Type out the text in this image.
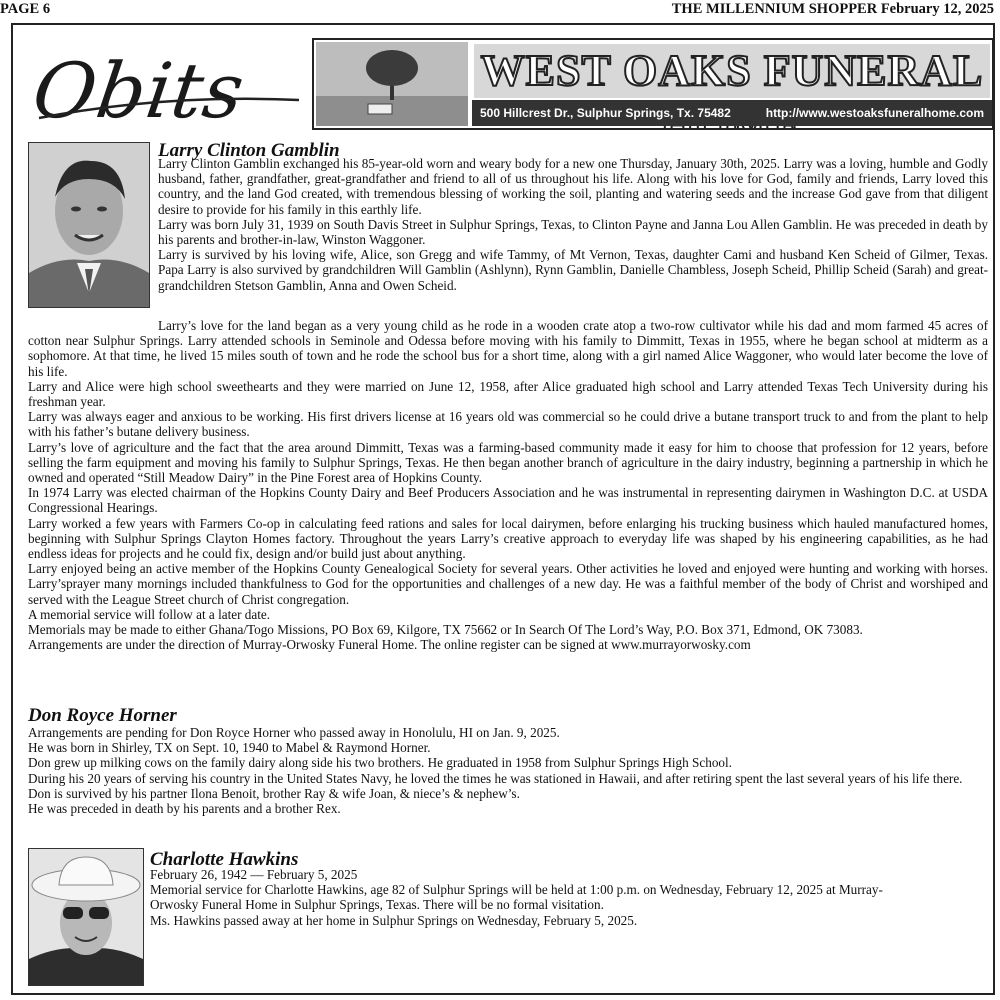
PAGE 6	THE MILLENNIUM SHOPPER February 12, 2025
Obits	WEST OAKS FUNERAL
500 Hillcrest Dr., Sulphur Springs, Tx. 75482	http://www.westoaksfuneralhome.com
Larry Clinton Gamblin

Larry Clinton Gamblin exchanged his 85-year-old worn and weary body for a new one Thursday, January 30th, 2025. Larry was a loving, humble and Godly husband, father, grandfather, great-grandfather and friend to all of us throughout his life. Along with his love for God, family and friends, Larry loved this country, and the land God created, with tremendous blessing of working the soil, planting and watering seeds and the increase God gave from that diligent desire to provide for his family in this earthly life.

Larry was born July 31, 1939 on South Davis Street in Sulphur Springs, Texas, to Clinton Payne and Janna Lou Allen Gamblin. He was preceded in death by his parents and brother-in-law, Winston Waggoner.

Larry is survived by his loving wife, Alice, son Gregg and wife Tammy, of Mt Vernon, Texas, daughter Cami and husband Ken Scheid of Gilmer, Texas. Papa Larry is also survived by grandchildren Will Gamblin (Ashlynn), Rynn Gamblin, Danielle Chambless, Joseph Scheid, Phillip Scheid (Sarah) and great-grandchildren Stetson Gamblin, Anna and Owen Scheid.

Larry’s love for the land began as a very young child as he rode in a wooden crate atop a two-row cultivator while his dad and mom farmed 45 acres of cotton near Sulphur Springs. Larry attended schools in Seminole and Odessa before moving with his family to Dimmitt, Texas in 1955, where he began school at midterm as a sophomore. At that time, he lived 15 miles south of town and he rode the school bus for a short time, along with a girl named Alice Waggoner, who would later become the love of his life.

Larry and Alice were high school sweethearts and they were married on June 12, 1958, after Alice graduated high school and Larry attended Texas Tech University during his freshman year.

Larry was always eager and anxious to be working. His first drivers license at 16 years old was commercial so he could drive a butane transport truck to and from the plant to help with his father’s butane delivery business.

Larry’s love of agriculture and the fact that the area around Dimmitt, Texas was a farming-based community made it easy for him to choose that profession for 12 years, before selling the farm equipment and moving his family to Sulphur Springs, Texas. He then began another branch of agriculture in the dairy industry, beginning a partnership in which he owned and operated “Still Meadow Dairy” in the Pine Forest area of Hopkins County.

In 1974 Larry was elected chairman of the Hopkins County Dairy and Beef Producers Association and he was instrumental in representing dairymen in Washington D.C. at USDA Congressional Hearings.

Larry worked a few years with Farmers Co-op in calculating feed rations and sales for local dairymen, before enlarging his trucking business which hauled manufactured homes, beginning with Sulphur Springs Clayton Homes factory. Throughout the years Larry’s creative approach to everyday life was shaped by his engineering capabilities, as he had endless ideas for projects and he could fix, design and/or build just about anything.

Larry enjoyed being an active member of the Hopkins County Genealogical Society for several years. Other activities he loved and enjoyed were hunting and working with horses. Larry’sprayer many mornings included thankfulness to God for the opportunities and challenges of a new day. He was a faithful member of the body of Christ and worshiped and served with the League Street church of Christ congregation.

A memorial service will follow at a later date.

Memorials may be made to either Ghana/Togo Missions, PO Box 69, Kilgore, TX 75662 or In Search Of The Lord’s Way, P.O. Box 371, Edmond, OK 73083.

Arrangements are under the direction of Murray-Orwosky Funeral Home. The online register can be signed at www.murrayorwosky.com

Don Royce Horner

Arrangements are pending for Don Royce Horner who passed away in Honolulu, HI on Jan. 9, 2025.

He was born in Shirley, TX on Sept. 10, 1940 to Mabel & Raymond Horner.

Don grew up milking cows on the family dairy along side his two brothers. He graduated in 1958 from Sulphur Springs High School.

During his 20 years of serving his country in the United States Navy, he loved the times he was stationed in Hawaii, and after retiring spent the last several years of his life there.

Don is survived by his partner Ilona Benoit, brother Ray & wife Joan, & niece’s & nephew’s.

He was preceded in death by his parents and a brother Rex.

Charlotte Hawkins

February 26, 1942 — February 5, 2025

Memorial service for Charlotte Hawkins, age 82 of Sulphur Springs will be held at 1:00 p.m. on Wednesday, February 12, 2025 at Murray-Orwosky Funeral Home in Sulphur Springs, Texas. There will be no formal visitation.

Ms. Hawkins passed away at her home in Sulphur Springs on Wednesday, February 5, 2025.
